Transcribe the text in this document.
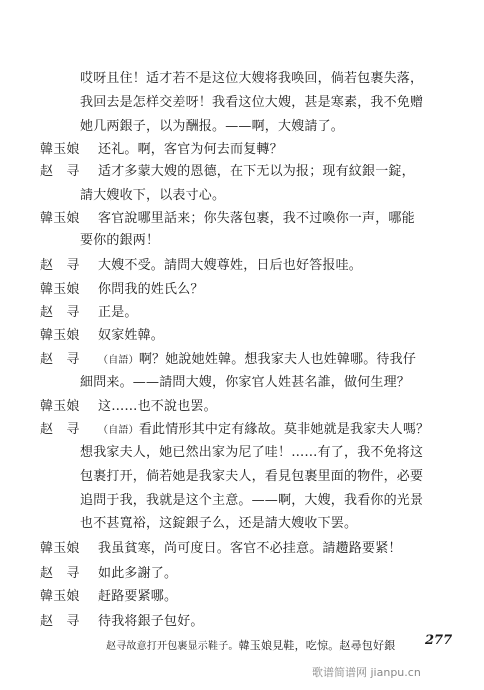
哎呀且住！适才若不是这位大嫂将我唤回，倘若包裹失落，
我回去是怎样交差呀！我看这位大嫂，甚是寒素，我不免赠
她几两銀子，以为酬报。——啊，大嫂請了。
韓玉娘 还礼。啊，客官为何去而复轉？
赵　寻 适才多蒙大嫂的恩德，在下无以为报；现有紋銀一錠，
請大嫂收下，以表寸心。
韓玉娘 客官說哪里話来；你失落包裹，我不过喚你一声，哪能
要你的銀两！
赵　寻 大嫂不受。請問大嫂尊姓，日后也好答报哇。
韓玉娘 你問我的姓氏么？
赵　寻 正是。
韓玉娘 奴家姓韓。
赵　寻 （自語）啊？她說她姓韓。想我家夫人也姓韓哪。待我仔
細問来。——請問大嫂，你家官人姓甚名誰，做何生理？
韓玉娘 这……也不說也罢。
赵　寻 （自語）看此情形其中定有緣故。莫非她就是我家夫人嗎？
想我家夫人，她已然出家为尼了哇！……有了，我不免将这
包裹打开，倘若她是我家夫人，看見包裹里面的物件，必要
追問于我，我就是这个主意。——啊，大嫂，我看你的光景
也不甚寬裕，这錠銀子么，还是請大嫂收下罢。
韓玉娘 我虽貧寒，尚可度日。客官不必挂意。請趱路要紧！
赵　寻 如此多謝了。
韓玉娘 赶路要紧哪。
赵　寻 待我将銀子包好。
赵寻故意打开包裹显示鞋子。韓玉娘見鞋，吃惊。赵尋包好銀 277
歌谱简谱网 jianpu.cn
